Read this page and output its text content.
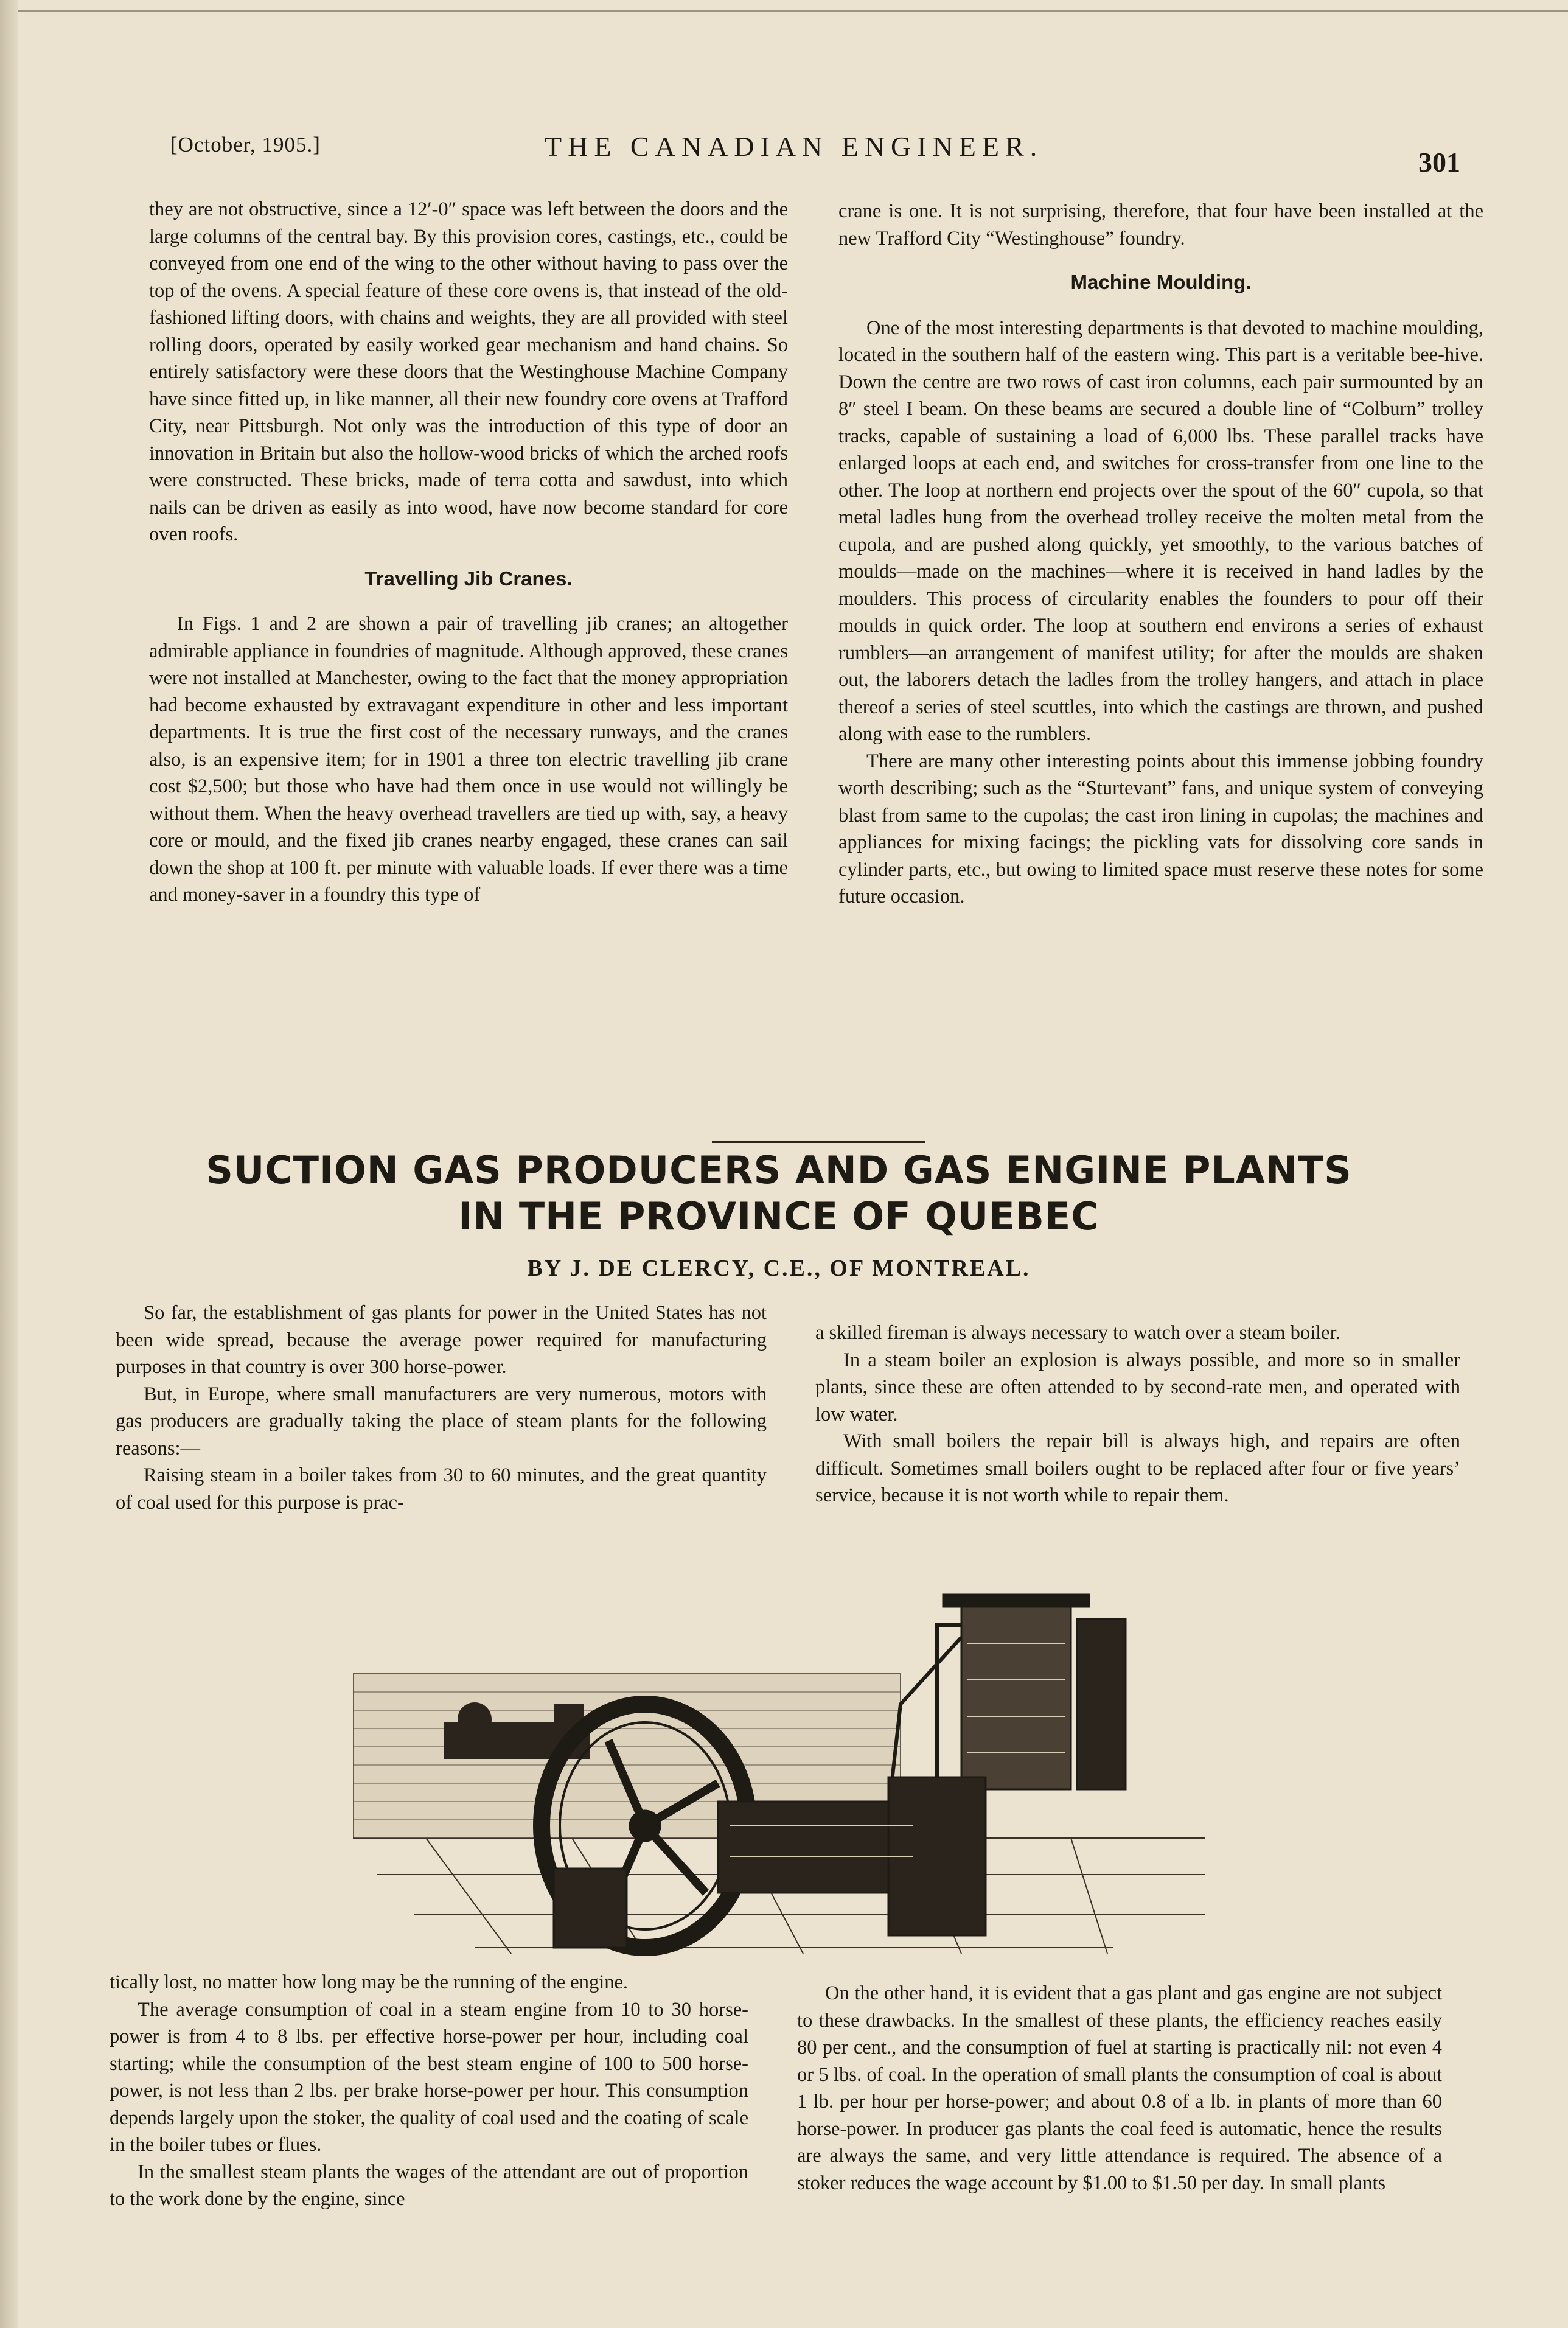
[October, 1905.]	THE CANADIAN ENGINEER.
301

they are not obstructive, since a 12′-0″ space was left between the doors and the large columns of the central bay. By this provision cores, castings, etc., could be conveyed from one end of the wing to the other without having to pass over the top of the ovens. A special feature of these core ovens is, that instead of the old-fashioned lifting doors, with chains and weights, they are all provided with steel rolling doors, operated by easily worked gear mechanism and hand chains. So entirely satisfactory were these doors that the Westinghouse Machine Company have since fitted up, in like manner, all their new foundry core ovens at Trafford City, near Pittsburgh. Not only was the introduction of this type of door an innovation in Britain but also the hollow-wood bricks of which the arched roofs were constructed. These bricks, made of terra cotta and sawdust, into which nails can be driven as easily as into wood, have now become standard for core oven roofs.

Travelling Jib Cranes.

In Figs. 1 and 2 are shown a pair of travelling jib cranes; an altogether admirable appliance in foundries of magnitude. Although approved, these cranes were not installed at Manchester, owing to the fact that the money appropriation had become exhausted by extravagant expenditure in other and less important departments. It is true the first cost of the necessary runways, and the cranes also, is an expensive item; for in 1901 a three ton electric travelling jib crane cost $2,500; but those who have had them once in use would not willingly be without them. When the heavy overhead travellers are tied up with, say, a heavy core or mould, and the fixed jib cranes nearby engaged, these cranes can sail down the shop at 100 ft. per minute with valuable loads. If ever there was a time and money-saver in a foundry this type of

crane is one. It is not surprising, therefore, that four have been installed at the new Trafford City “Westinghouse” foundry.

Machine Moulding.

One of the most interesting departments is that devoted to machine moulding, located in the southern half of the eastern wing. This part is a veritable bee-hive. Down the centre are two rows of cast iron columns, each pair surmounted by an 8″ steel I beam. On these beams are secured a double line of “Colburn” trolley tracks, capable of sustaining a load of 6,000 lbs. These parallel tracks have enlarged loops at each end, and switches for cross-transfer from one line to the other. The loop at northern end projects over the spout of the 60″ cupola, so that metal ladles hung from the overhead trolley receive the molten metal from the cupola, and are pushed along quickly, yet smoothly, to the various batches of moulds—made on the machines—where it is received in hand ladles by the moulders. This process of circularity enables the founders to pour off their moulds in quick order. The loop at southern end environs a series of exhaust rumblers—an arrangement of manifest utility; for after the moulds are shaken out, the laborers detach the ladles from the trolley hangers, and attach in place thereof a series of steel scuttles, into which the castings are thrown, and pushed along with ease to the rumblers.

There are many other interesting points about this immense jobbing foundry worth describing; such as the “Sturtevant” fans, and unique system of conveying blast from same to the cupolas; the cast iron lining in cupolas; the machines and appliances for mixing facings; the pickling vats for dissolving core sands in cylinder parts, etc., but owing to limited space must reserve these notes for some future occasion.

SUCTION GAS PRODUCERS AND GAS ENGINE PLANTS IN THE PROVINCE OF QUEBEC
BY J. DE CLERCY, C.E., OF MONTREAL.

So far, the establishment of gas plants for power in the United States has not been wide spread, because the average power required for manufacturing purposes in that country is over 300 horse-power.

But, in Europe, where small manufacturers are very numerous, motors with gas producers are gradually taking the place of steam plants for the following reasons:—

Raising steam in a boiler takes from 30 to 60 minutes, and the great quantity of coal used for this purpose is prac-

a skilled fireman is always necessary to watch over a steam boiler.

In a steam boiler an explosion is always possible, and more so in smaller plants, since these are often attended to by second-rate men, and operated with low water.

With small boilers the repair bill is always high, and repairs are often difficult. Sometimes small boilers ought to be replaced after four or five years’ service, because it is not worth while to repair them.

tically lost, no matter how long may be the running of the engine.

The average consumption of coal in a steam engine from 10 to 30 horse-power is from 4 to 8 lbs. per effective horse-power per hour, including coal starting; while the consumption of the best steam engine of 100 to 500 horse-power, is not less than 2 lbs. per brake horse-power per hour. This consumption depends largely upon the stoker, the quality of coal used and the coating of scale in the boiler tubes or flues.

In the smallest steam plants the wages of the attendant are out of proportion to the work done by the engine, since

On the other hand, it is evident that a gas plant and gas engine are not subject to these drawbacks. In the smallest of these plants, the efficiency reaches easily 80 per cent., and the consumption of fuel at starting is practically nil: not even 4 or 5 lbs. of coal. In the operation of small plants the consumption of coal is about 1 lb. per hour per horse-power; and about 0.8 of a lb. in plants of more than 60 horse-power. In producer gas plants the coal feed is automatic, hence the results are always the same, and very little attendance is required. The absence of a stoker reduces the wage account by $1.00 to $1.50 per day. In small plants
